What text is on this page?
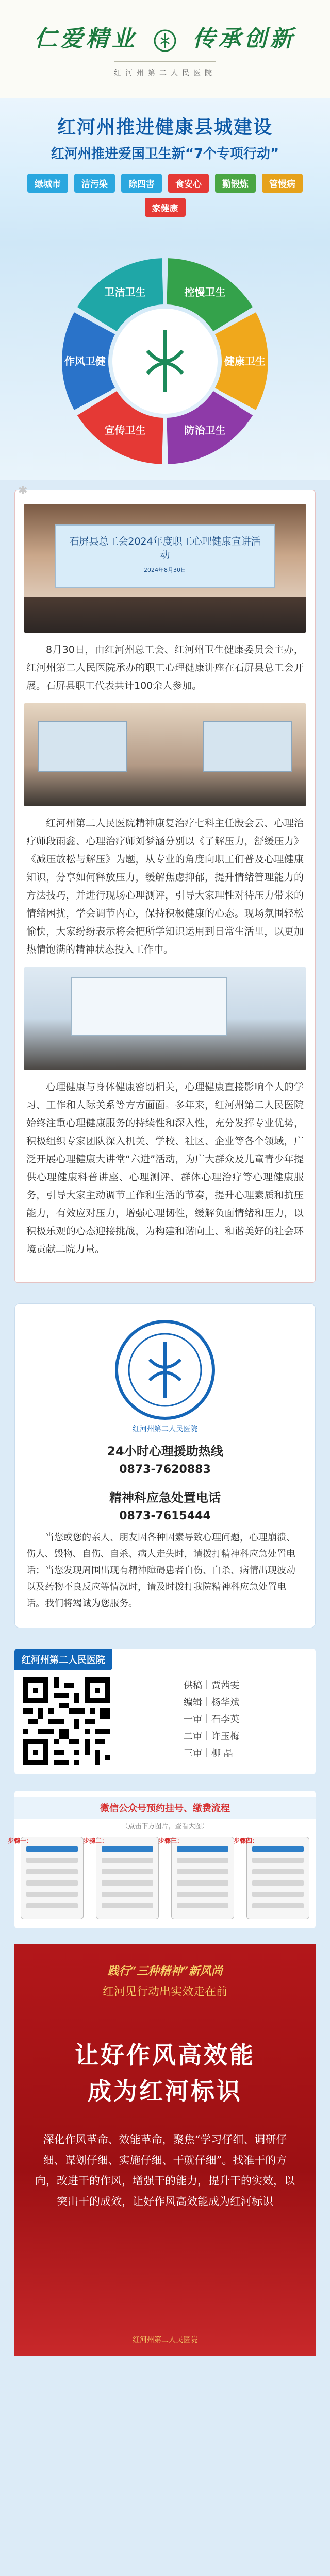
仁爱精业 传承创新
红河州第二人民医院
红河州推进健康县城建设
红河州推进爱国卫生新“7个专项行动”
绿城市	洁污染	除四害	食安心	勤锻炼	管慢病
家健康
控慢卫生
健康卫生
防治卫生
宣传卫生
作风卫健
卫洁卫生
✱
石屏县总工会2024年度职工心理健康宣讲活动
2024年8月30日

8月30日，由红河州总工会、红河州卫生健康委员会主办，红河州第二人民医院承办的职工心理健康讲座在石屏县总工会开展。石屏县职工代表共计100余人参加。

红河州第二人民医院精神康复治疗七科主任殷会云、心理治疗师段雨鑫、心理治疗师刘梦涵分别以《了解压力，舒缓压力》《减压放松与解压》为题，从专业的角度向职工们普及心理健康知识，分享如何释放压力，缓解焦虑抑郁，提升情绪管理能力的方法技巧，并进行现场心理测评，引导大家理性对待压力带来的情绪困扰，学会调节内心，保持积极健康的心态。现场氛围轻松愉快，大家纷纷表示将会把所学知识运用到日常生活里，以更加热情饱满的精神状态投入工作中。

心理健康与身体健康密切相关，心理健康直接影响个人的学习、工作和人际关系等方方面面。多年来，红河州第二人民医院始终注重心理健康服务的持续性和深入性，充分发挥专业优势，积极组织专家团队深入机关、学校、社区、企业等各个领域，广泛开展心理健康大讲堂“六进”活动，为广大群众及儿童青少年提供心理健康科普讲座、心理测评、群体心理治疗等心理健康服务，引导大家主动调节工作和生活的节奏，提升心理素质和抗压能力，有效应对压力，增强心理韧性，缓解负面情绪和压力，以积极乐观的心态迎接挑战，为构建和谐向上、和谐美好的社会环境贡献二院力量。

红河州第二人民医院
24小时心理援助热线
0873-7620883
精神科应急处置电话
0873-7615444
当您或您的亲人、朋友因各种因素导致心理问题，心理崩溃、伤人、毁物、自伤、自杀、病人走失时，请拨打精神科应急处置电话；当您发现周围出现有精神障碍患者自伤、自杀、病情出现波动以及药物不良反应等情况时，请及时拨打我院精神科应急处置电话。我们将竭诚为您服务。
红河州第二人民医院
供稿｜贾茜雯
编辑｜杨华斌
一审｜石李英
二审｜许玉梅
三审｜柳 晶
微信公众号预约挂号、缴费流程
（点击下方图片，查看大图）
步骤一：	步骤二：	步骤三：	步骤四：
践行“三种精神”新风尚
红河见行动出实效走在前
让好作风高效能
成为红河标识
深化作风革命、效能革命，聚焦“学习仔细、调研仔细、谋划仔细、实施仔细、干就仔细”。找准干的方向，改进干的作风，增强干的能力，提升干的实效，以突出干的成效，让好作风高效能成为红河标识
红河州第二人民医院
